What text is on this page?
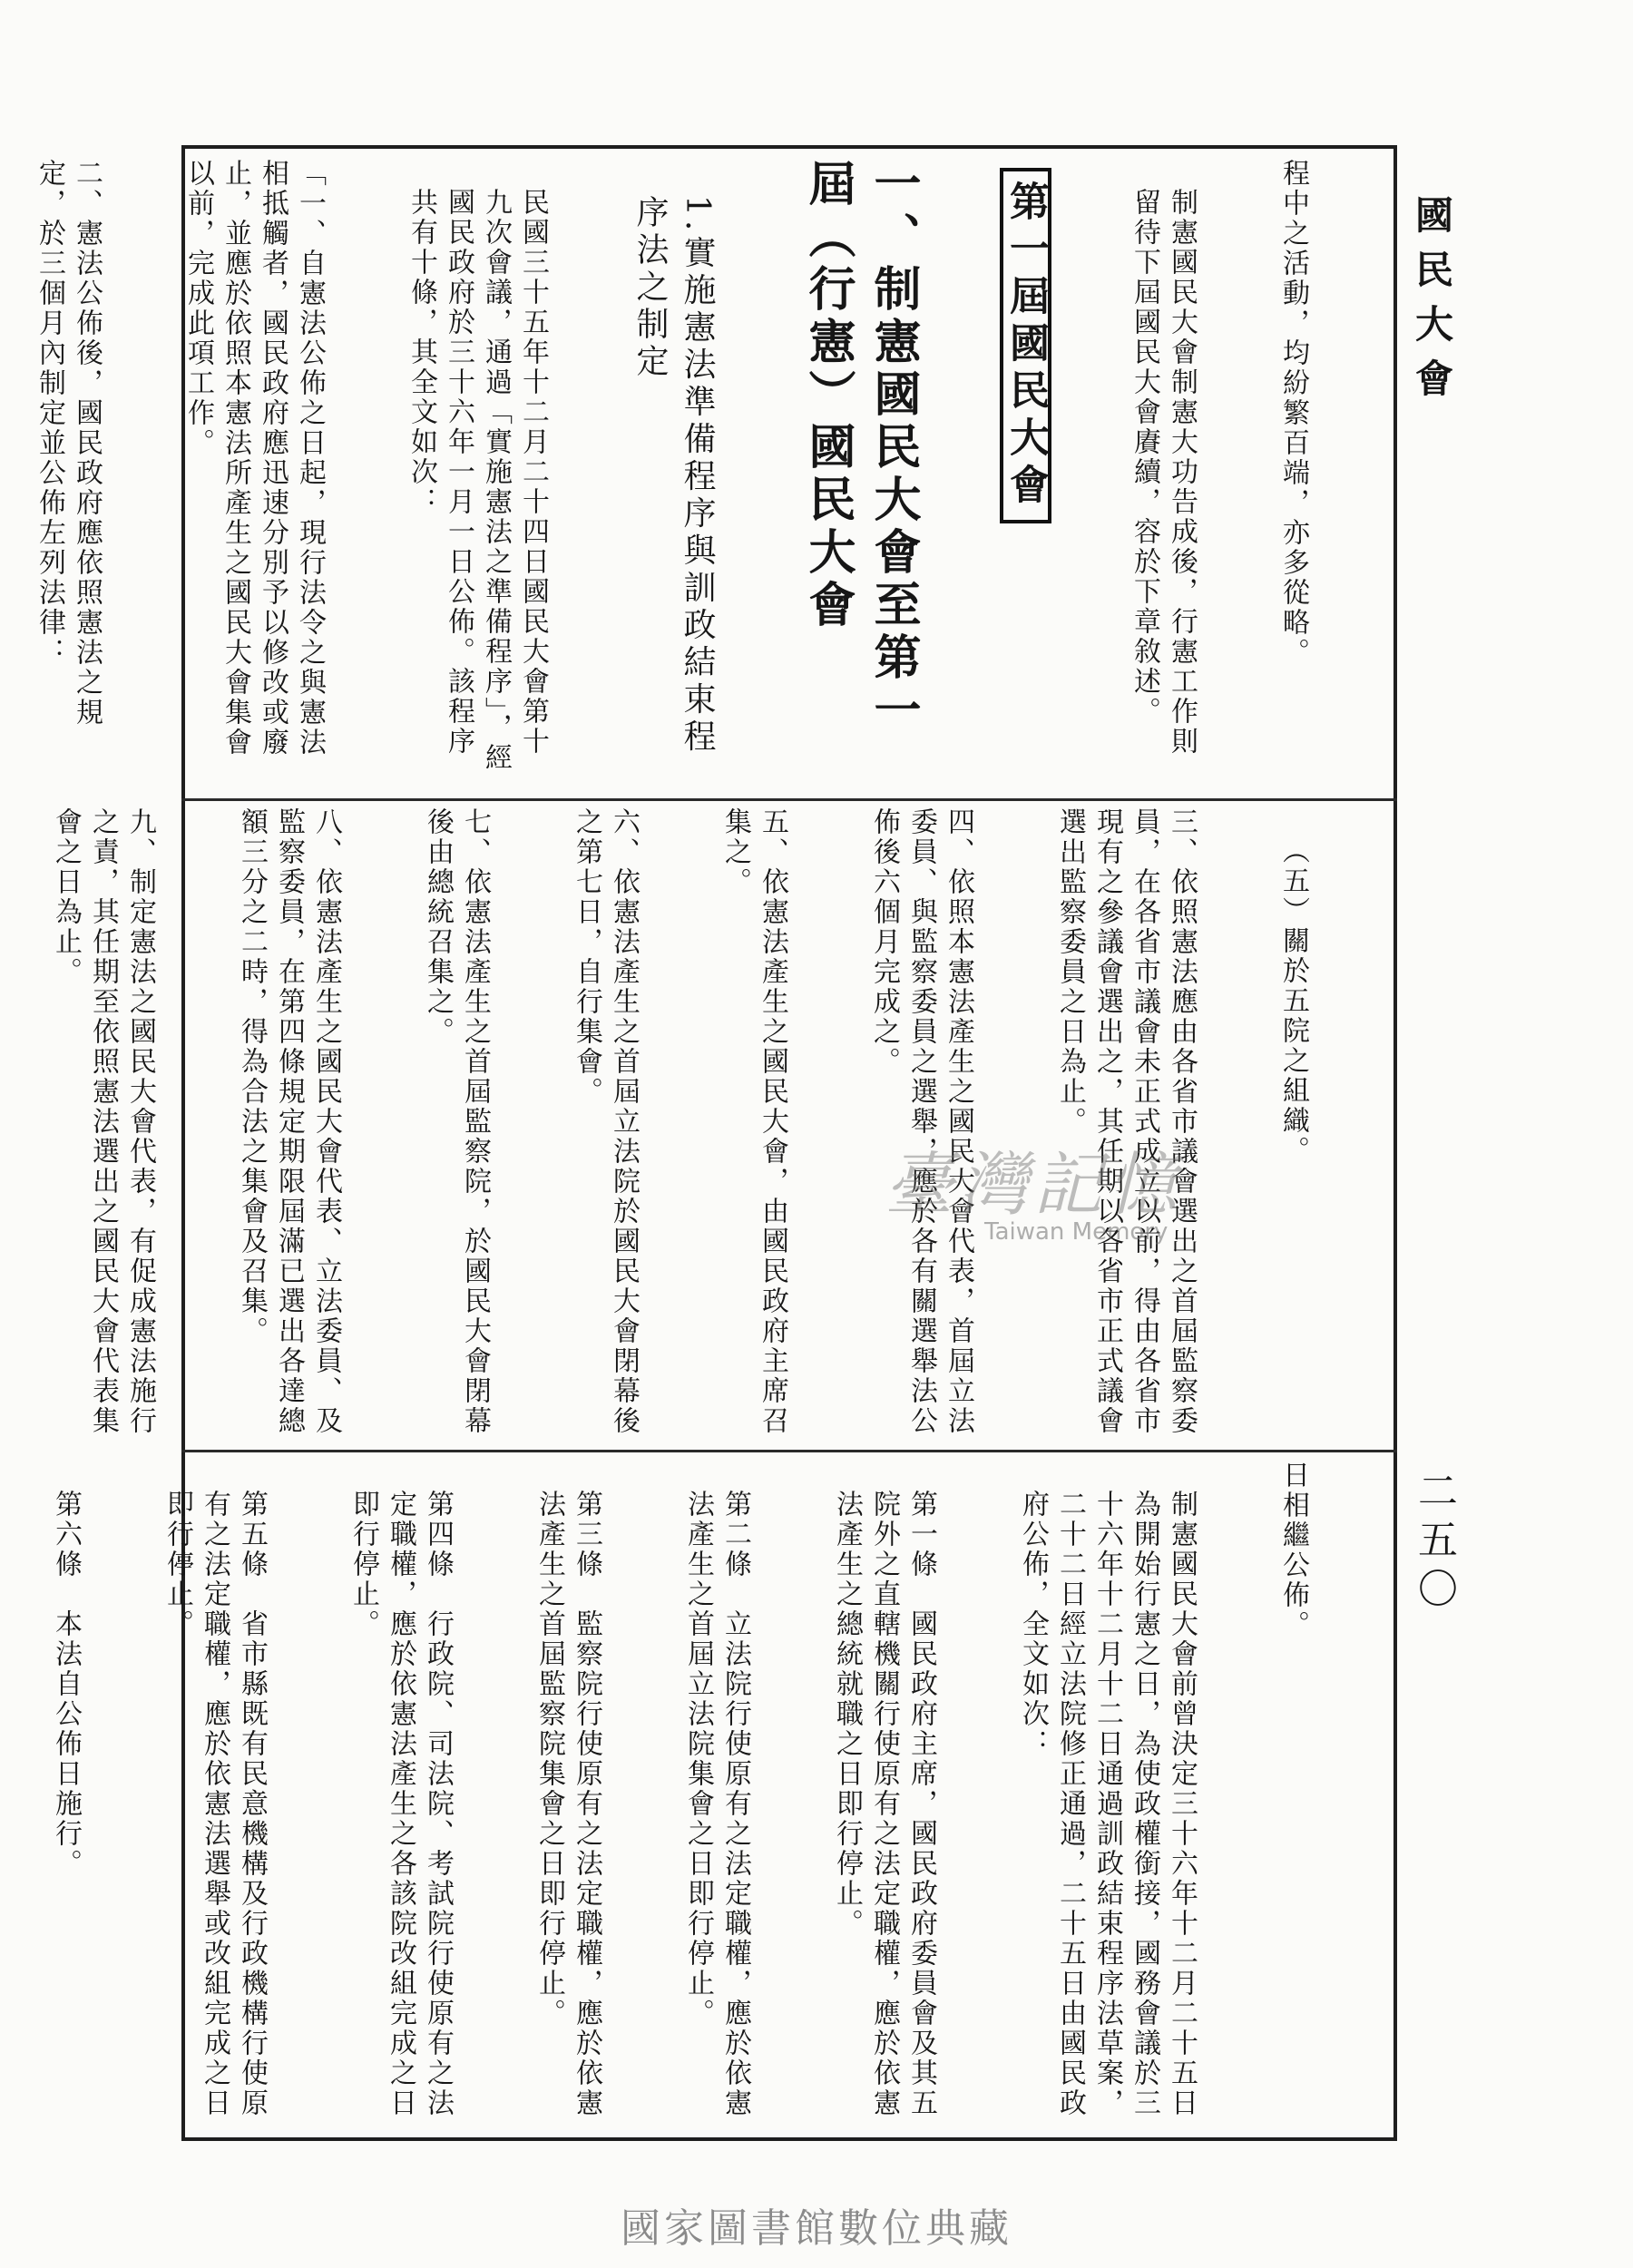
國民大會
二五〇

程中之活動，均紛繁百端，亦多從略。

制憲國民大會制憲大功告成後，行憲工作則留待下屆國民大會賡續，容於下章敘述。

第一屆國民大會

一、制憲國民大會至第一屆（行憲）國民大會

1.實施憲法準備程序與訓政結束程序法之制定

民國三十五年十二月二十四日國民大會第十九次會議，通過「實施憲法之準備程序」，經國民政府於三十六年一月一日公佈。該程序共有十條，其全文如次：

「一、自憲法公佈之日起，現行法令之與憲法相抵觸者，國民政府應迅速分別予以修改或廢止，並應於依照本憲法所產生之國民大會集會以前，完成此項工作。

二、憲法公佈後，國民政府應依照憲法之規定，於三個月內制定並公佈左列法律：

（五）關於五院之組織。

三、依照憲法應由各省市議會選出之首屆監察委員，在各省市議會未正式成立以前，得由各省市現有之參議會選出之，其任期以各省市正式議會選出監察委員之日為止。

四、依照本憲法產生之國民大會代表，首屆立法委員、與監察委員之選舉，應於各有關選舉法公佈後六個月完成之。

五、依憲法產生之國民大會，由國民政府主席召集之。

六、依憲法產生之首屆立法院於國民大會閉幕後之第七日，自行集會。

七、依憲法產生之首屆監察院，於國民大會閉幕後由總統召集之。

八、依憲法產生之國民大會代表、立法委員、及監察委員，在第四條規定期限屆滿已選出各達總額三分之二時，得為合法之集會及召集。

九、制定憲法之國民大會代表，有促成憲法施行之責，其任期至依照憲法選出之國民大會代表集會之日為止。

日相繼公佈。

制憲國民大會前曾決定三十六年十二月二十五日為開始行憲之日，為使政權銜接，國務會議於三十六年十二月十二日通過訓政結束程序法草案，二十二日經立法院修正通過，二十五日由國民政府公佈，全文如次：

第一條　國民政府主席，國民政府委員會及其五院外之直轄機關行使原有之法定職權，應於依憲法產生之總統就職之日即行停止。

第二條　立法院行使原有之法定職權，應於依憲法產生之首屆立法院集會之日即行停止。

第三條　監察院行使原有之法定職權，應於依憲法產生之首屆監察院集會之日即行停止。

第四條　行政院、司法院、考試院行使原有之法定職權，應於依憲法產生之各該院改組完成之日即行停止。

第五條　省市縣既有民意機構及行政機構行使原有之法定職權，應於依憲法選舉或改組完成之日即行停止。

第六條　本法自公佈日施行。

臺灣記憶
Taiwan Memory
國家圖書館數位典藏
